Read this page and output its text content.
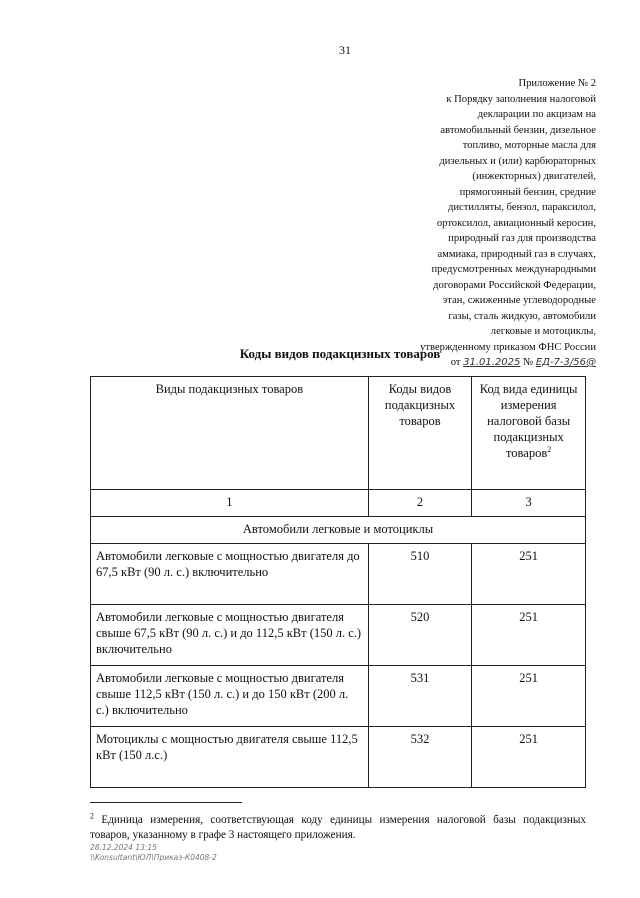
31
Приложение № 2
к Порядку заполнения налоговой
декларации по акцизам на
автомобильный бензин, дизельное
топливо, моторные масла для
дизельных и (или) карбюраторных
(инжекторных) двигателей,
прямогонный бензин, средние
дистилляты, бензол, параксилол,
ортоксилол, авиационный керосин,
природный газ для производства
аммиака, природный газ в случаях,
предусмотренных международными
договорами Российской Федерации,
этан, сжиженные углеводородные
газы, сталь жидкую, автомобили
легковые и мотоциклы,
утвержденному приказом ФНС России
от 31.01.2025 № ЕД-7-3/56@
Коды видов подакцизных товаров
Виды подакцизных товаров	Коды видов подакцизных товаров	Код вида единицы измерения налоговой базы подакцизных товаров$^2$
1	2	3
Автомобили легковые и мотоциклы		
Автомобили легковые с мощностью двигателя до 67,5 кВт (90 л. с.) включительно	510	251
Автомобили легковые с мощностью двигателя свыше 67,5 кВт (90 л. с.) и до 112,5 кВт (150 л. с.) включительно	520	251
Автомобили легковые с мощностью двигателя свыше 112,5 кВт (150 л. с.) и до 150 кВт (200 л. с.) включительно	531	251
Мотоциклы с мощностью двигателя свыше 112,5 кВт (150 л.с.)	532	251
$^2$ Единица измерения, соответствующая коду единицы измерения налоговой базы подакцизных товаров, указанному в графе 3 настоящего приложения.
28.12.2024 13:15
\\Konsultant\ЮЛ\Приказ-К0408-2
